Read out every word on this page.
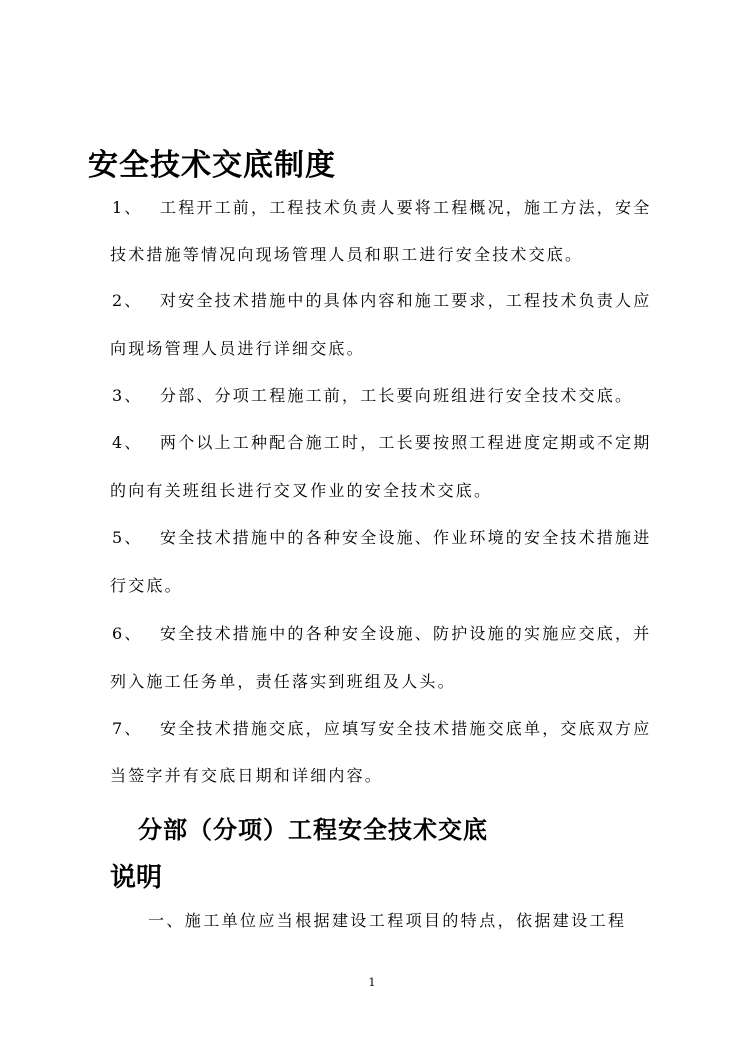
安全技术交底制度
1、 工程开工前，工程技术负责人要将工程概况，施工方法，安全
技术措施等情况向现场管理人员和职工进行安全技术交底。
2、 对安全技术措施中的具体内容和施工要求，工程技术负责人应
向现场管理人员进行详细交底。
3、 分部、分项工程施工前，工长要向班组进行安全技术交底。
4、 两个以上工种配合施工时，工长要按照工程进度定期或不定期
的向有关班组长进行交叉作业的安全技术交底。
5、 安全技术措施中的各种安全设施、作业环境的安全技术措施进
行交底。
6、 安全技术措施中的各种安全设施、防护设施的实施应交底，并
列入施工任务单，责任落实到班组及人头。
7、 安全技术措施交底，应填写安全技术措施交底单，交底双方应
当签字并有交底日期和详细内容。
分部（分项）工程安全技术交底
说明
一、施工单位应当根据建设工程项目的特点，依据建设工程
1
